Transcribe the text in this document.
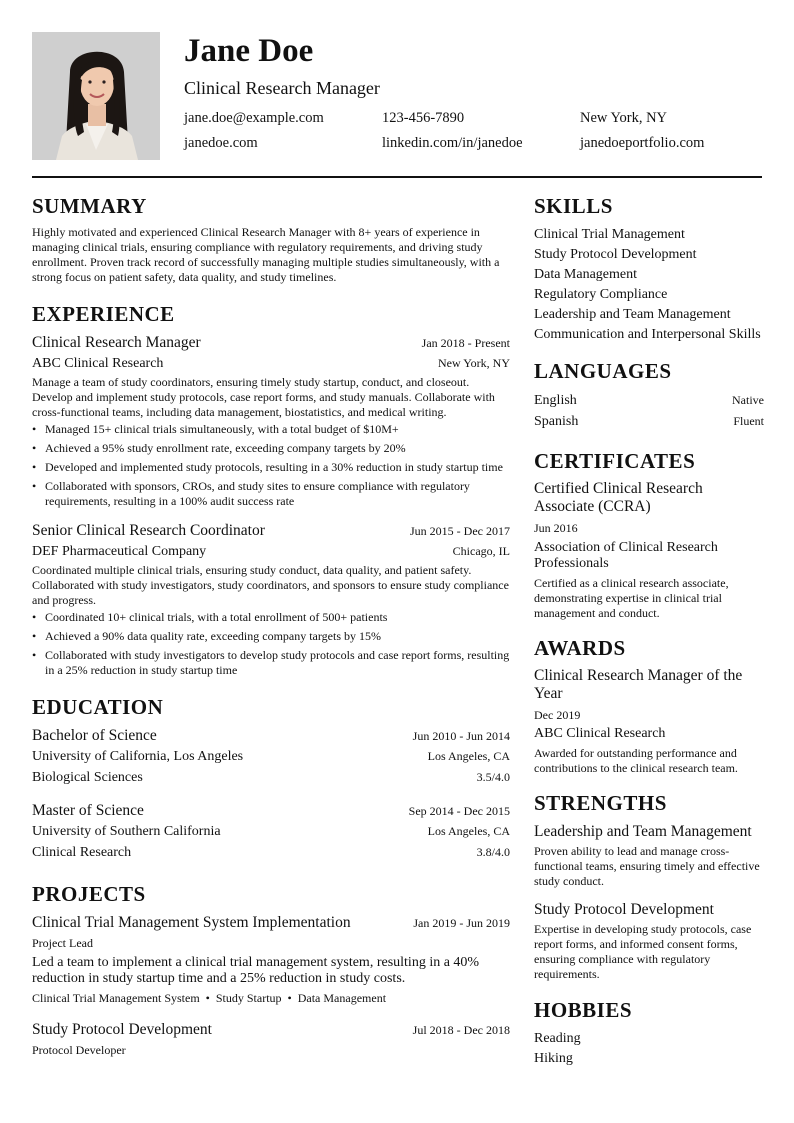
Jane Doe
Clinical Research Manager
jane.doe@example.com	123-456-7890	New York, NY
janedoe.com	linkedin.com/in/janedoe	janedoeportfolio.com
SUMMARY
Highly motivated and experienced Clinical Research Manager with 8+ years of experience in managing clinical trials, ensuring compliance with regulatory requirements, and driving study enrollment. Proven track record of successfully managing multiple studies simultaneously, with a strong focus on patient safety, data quality, and study timelines.
EXPERIENCE
Clinical Research Manager	Jan 2018 - Present
ABC Clinical Research	New York, NY
Manage a team of study coordinators, ensuring timely study startup, conduct, and closeout. Develop and implement study protocols, case report forms, and study manuals. Collaborate with cross-functional teams, including data management, biostatistics, and medical writing.
• Managed 15+ clinical trials simultaneously, with a total budget of $10M+
• Achieved a 95% study enrollment rate, exceeding company targets by 20%
• Developed and implemented study protocols, resulting in a 30% reduction in study startup time
• Collaborated with sponsors, CROs, and study sites to ensure compliance with regulatory requirements, resulting in a 100% audit success rate
Senior Clinical Research Coordinator	Jun 2015 - Dec 2017
DEF Pharmaceutical Company	Chicago, IL
Coordinated multiple clinical trials, ensuring study conduct, data quality, and patient safety. Collaborated with study investigators, study coordinators, and sponsors to ensure study compliance and progress.
• Coordinated 10+ clinical trials, with a total enrollment of 500+ patients
• Achieved a 90% data quality rate, exceeding company targets by 15%
• Collaborated with study investigators to develop study protocols and case report forms, resulting in a 25% reduction in study startup time
EDUCATION
Bachelor of Science	Jun 2010 - Jun 2014
University of California, Los Angeles	Los Angeles, CA
Biological Sciences	3.5/4.0
Master of Science	Sep 2014 - Dec 2015
University of Southern California	Los Angeles, CA
Clinical Research	3.8/4.0
PROJECTS
Clinical Trial Management System Implementation	Jan 2019 - Jun 2019
Project Lead
Led a team to implement a clinical trial management system, resulting in a 40% reduction in study startup time and a 25% reduction in study costs.
Clinical Trial Management System • Study Startup • Data Management
Study Protocol Development	Jul 2018 - Dec 2018
Protocol Developer
SKILLS
Clinical Trial Management
Study Protocol Development
Data Management
Regulatory Compliance
Leadership and Team Management
Communication and Interpersonal Skills
LANGUAGES
English	Native
Spanish	Fluent
CERTIFICATES
Certified Clinical Research Associate (CCRA)
Jun 2016
Association of Clinical Research Professionals
Certified as a clinical research associate, demonstrating expertise in clinical trial management and conduct.
AWARDS
Clinical Research Manager of the Year
Dec 2019
ABC Clinical Research
Awarded for outstanding performance and contributions to the clinical research team.
STRENGTHS
Leadership and Team Management
Proven ability to lead and manage cross-functional teams, ensuring timely and effective study conduct.
Study Protocol Development
Expertise in developing study protocols, case report forms, and informed consent forms, ensuring compliance with regulatory requirements.
HOBBIES
Reading
Hiking
